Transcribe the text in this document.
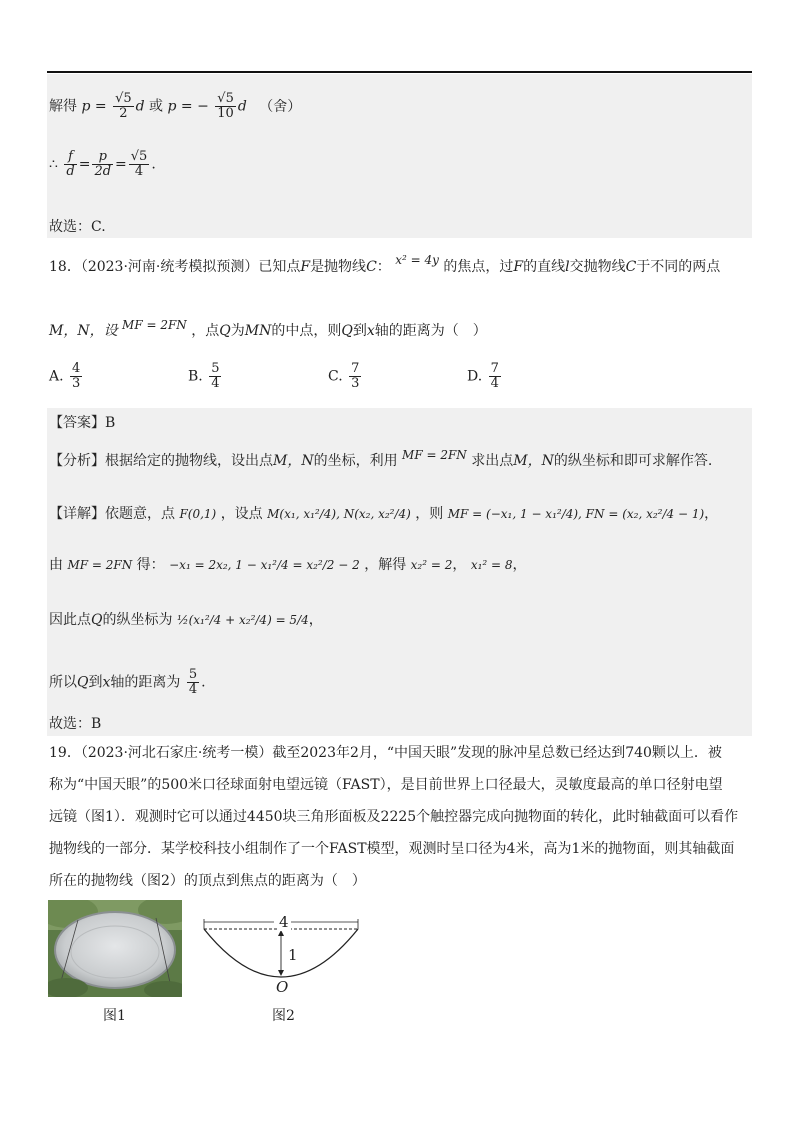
解得 $p = \frac{√5}{2}$ d 或 p = − $\frac{√5}{10}$ d （舍）
∴ $\frac{f}{d} = \frac{p}{2d} = \frac{√5}{4}$ .
故选：C.
18．（2023·河南·统考模拟预测）已知点F是抛物线C： x² = 4y 的焦点，过F的直线l交抛物线C于不同的两点
M，N，设 MF = 2FN ，点Q为MN的中点，则Q到x轴的距离为（　）
A. $\frac{4}{3}$	B. $\frac{5}{4}$	C. $\frac{7}{3}$	D. $\frac{7}{4}$
【答案】B
【分析】根据给定的抛物线，设出点M，N的坐标，利用 MF = 2FN 求出点M，N的纵坐标和即可求解作答.
【详解】依题意，点 F(0,1) ，设点 M(x₁, x₁²/4), N(x₂, x₂²/4) ，则 MF = (−x₁, 1 − x₁²/4), FN = (x₂, x₂²/4 − 1)，
由 MF = 2FN 得： −x₁ = 2x₂, 1 − x₁²/4 = x₂²/2 − 2 ，解得 x₂² = 2， x₁² = 8，
因此点Q的纵坐标为 ½(x₁²/4 + x₂²/4) = 5/4，
所以Q到x轴的距离为 $\frac{5}{4}$ .
故选：B
19．（2023·河北石家庄·统考一模）截至2023年2月，“中国天眼”发现的脉冲星总数已经达到740颗以上．被
称为“中国天眼”的500米口径球面射电望远镜（FAST），是目前世界上口径最大，灵敏度最高的单口径射电望
远镜（图1）．观测时它可以通过4450块三角形面板及2225个触控器完成向抛物面的转化，此时轴截面可以看作
抛物线的一部分．某学校科技小组制作了一个FAST模型，观测时呈口径为4米，高为1米的抛物面，则其轴截面
所在的抛物线（图2）的顶点到焦点的距离为（　）
图1
4
1
O
图2
